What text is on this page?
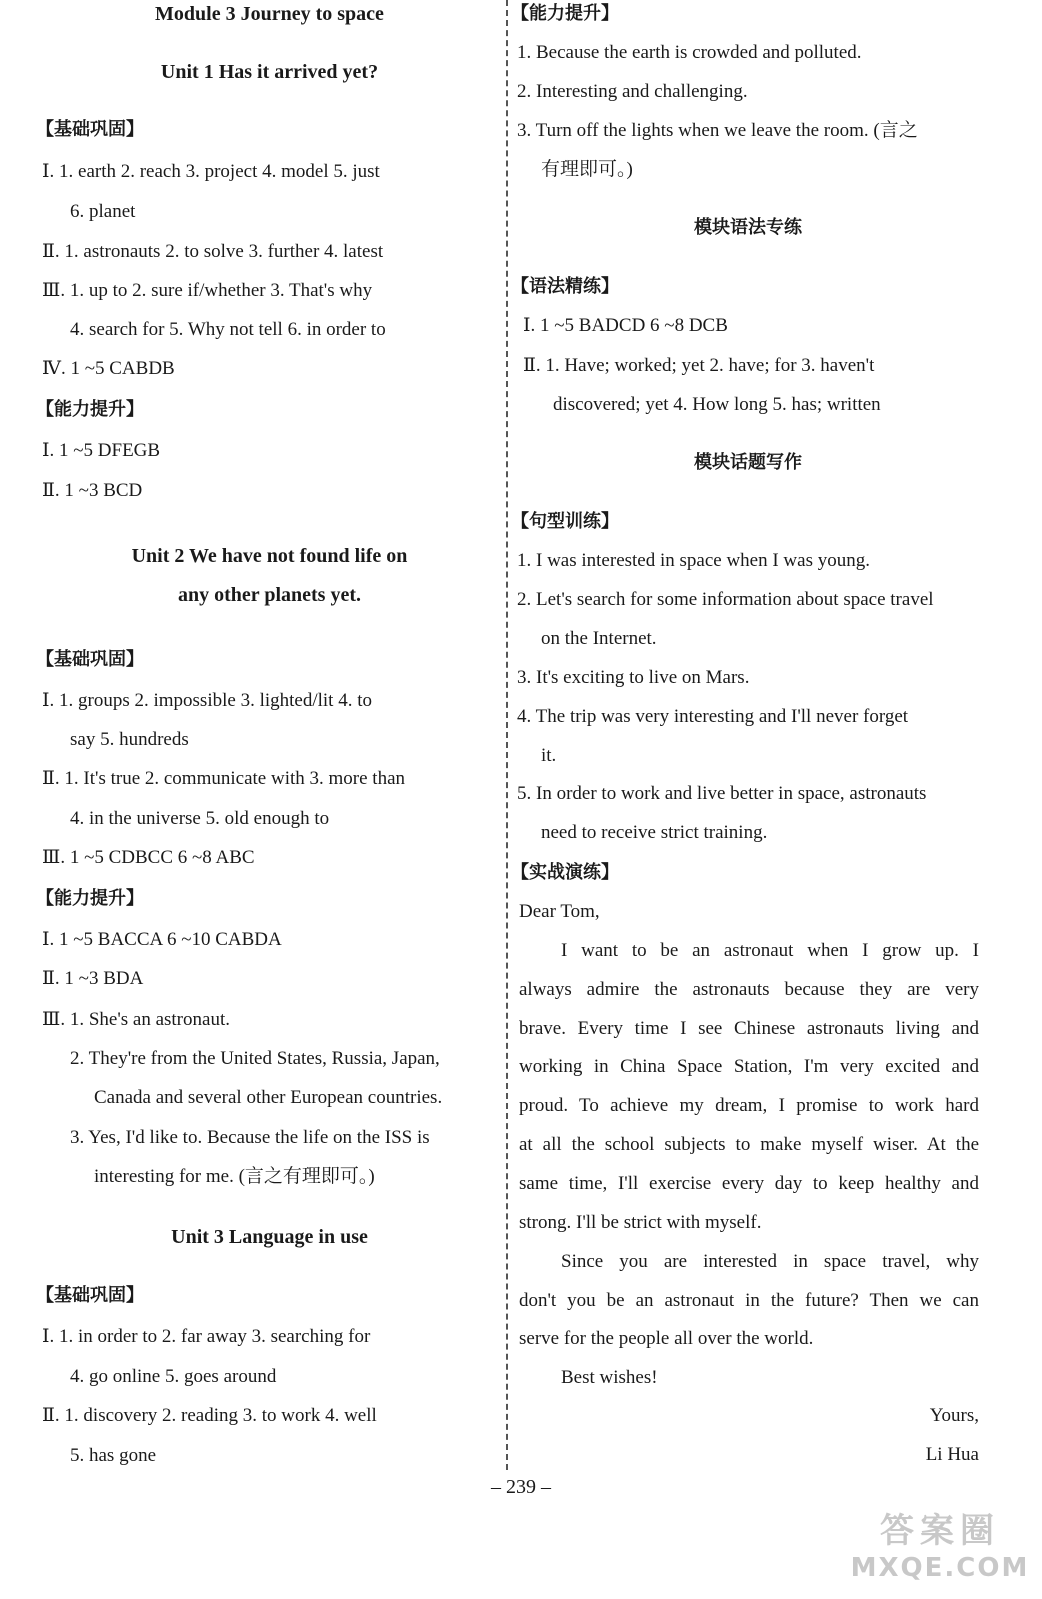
Module 3 Journey to space
Unit 1 Has it arrived yet?
【基础巩固】
Ⅰ. 1. earth 2. reach 3. project 4. model 5. just
6. planet
Ⅱ. 1. astronauts 2. to solve 3. further 4. latest
Ⅲ. 1. up to 2. sure if/whether 3. That's why
4. search for 5. Why not tell 6. in order to
Ⅳ. 1 ~5 CABDB
【能力提升】
Ⅰ. 1 ~5 DFEGB
Ⅱ. 1 ~3 BCD
Unit 2 We have not found life on
any other planets yet.
【基础巩固】
Ⅰ. 1. groups 2. impossible 3. lighted/lit 4. to
say 5. hundreds
Ⅱ. 1. It's true 2. communicate with 3. more than
4. in the universe 5. old enough to
Ⅲ. 1 ~5 CDBCC 6 ~8 ABC
【能力提升】
Ⅰ. 1 ~5 BACCA 6 ~10 CABDA
Ⅱ. 1 ~3 BDA
Ⅲ. 1. She's an astronaut.
2. They're from the United States, Russia, Japan,
Canada and several other European countries.
3. Yes, I'd like to. Because the life on the ISS is
interesting for me. (言之有理即可。)
Unit 3 Language in use
【基础巩固】
Ⅰ. 1. in order to 2. far away 3. searching for
4. go online 5. goes around
Ⅱ. 1. discovery 2. reading 3. to work 4. well
5. has gone
【能力提升】
1. Because the earth is crowded and polluted.
2. Interesting and challenging.
3. Turn off the lights when we leave the room. (言之
有理即可。)
模块语法专练
【语法精练】
Ⅰ. 1 ~5 BADCD 6 ~8 DCB
Ⅱ. 1. Have; worked; yet 2. have; for 3. haven't
discovered; yet 4. How long 5. has; written
模块话题写作
【句型训练】
1. I was interested in space when I was young.
2. Let's search for some information about space travel
on the Internet.
3. It's exciting to live on Mars.
4. The trip was very interesting and I'll never forget
it.
5. In order to work and live better in space, astronauts
need to receive strict training.
【实战演练】
Dear Tom,
I want to be an astronaut when I grow up. I
always admire the astronauts because they are very
brave. Every time I see Chinese astronauts living and
working in China Space Station, I'm very excited and
proud. To achieve my dream, I promise to work hard
at all the school subjects to make myself wiser. At the
same time, I'll exercise every day to keep healthy and
strong. I'll be strict with myself.
Since you are interested in space travel, why
don't you be an astronaut in the future? Then we can
serve for the people all over the world.
Best wishes!
Yours,
Li Hua
– 239 –
答案圈
MXQE.COM
